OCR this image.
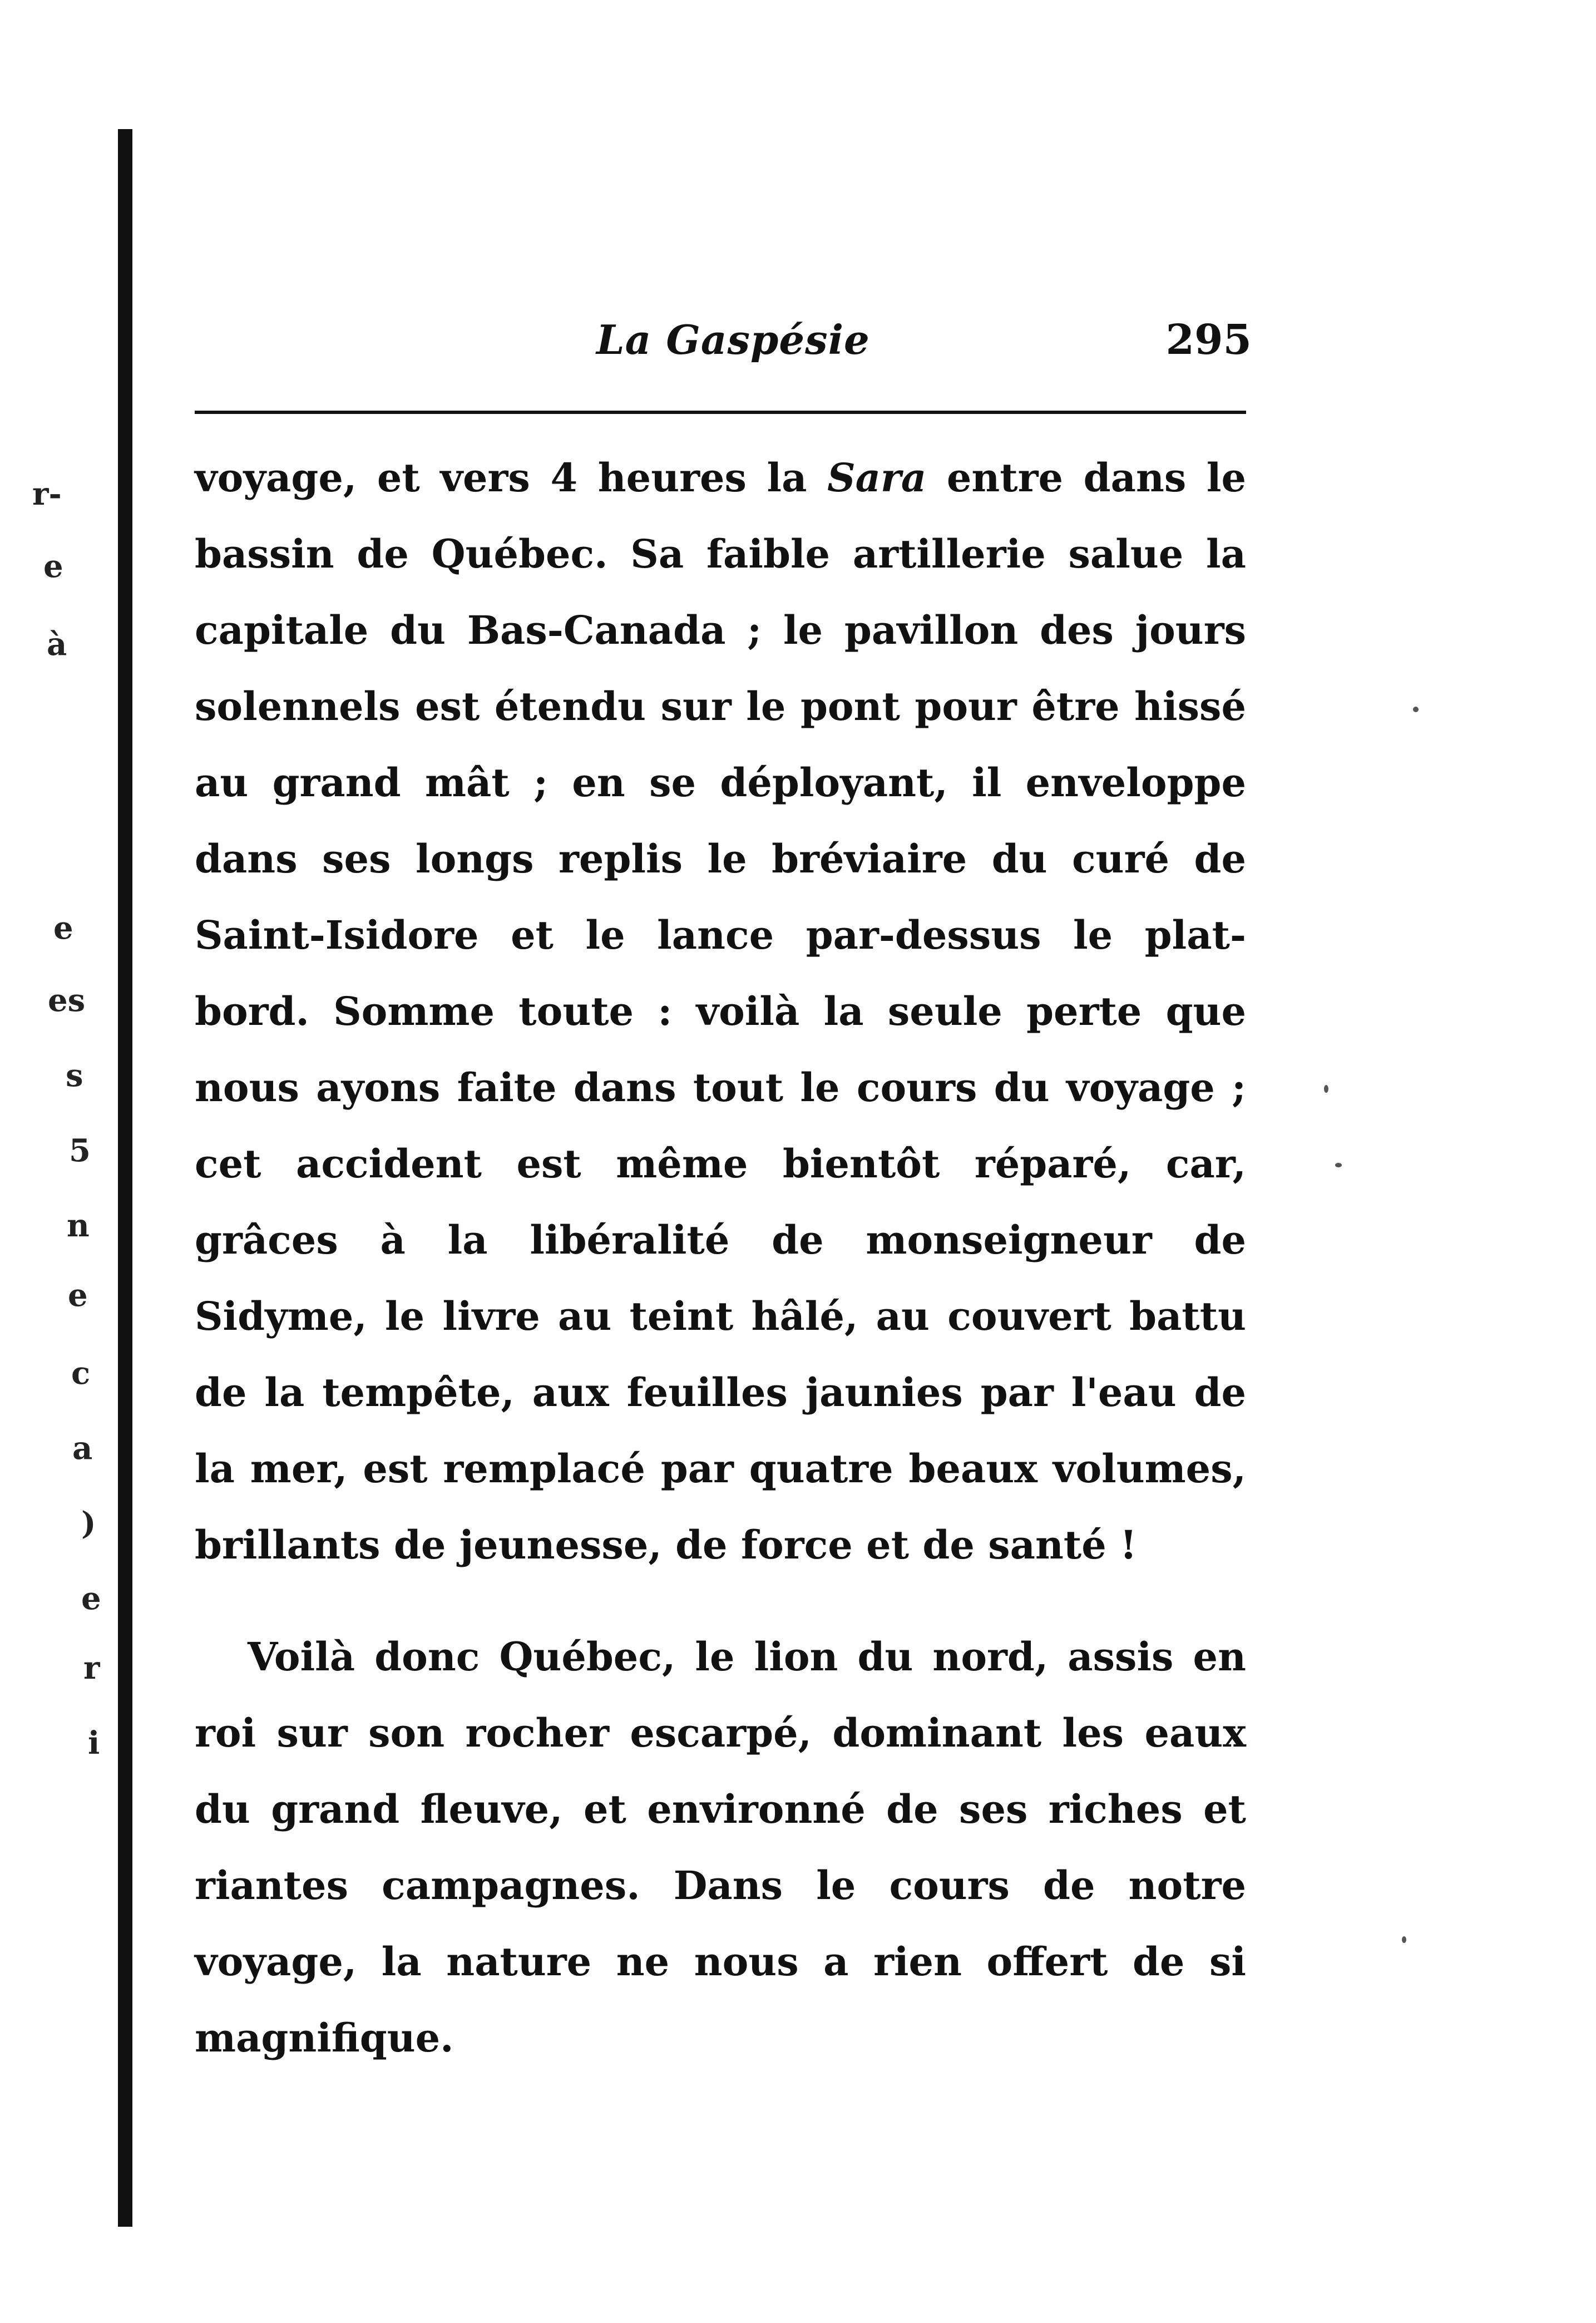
r-
e
à
e
es
s
5
n
e
c
a
)
e
r
i
La Gaspésie	295

voyage, et vers 4 heures la Sara entre dans le bassin de Québec. Sa faible artillerie salue la capitale du Bas-Canada ; le pavillon des jours solennels est étendu sur le pont pour être hissé au grand mât ; en se déployant, il enveloppe dans ses longs replis le bréviaire du curé de Saint-Isidore et le lance par-dessus le plat-bord. Somme toute : voilà la seule perte que nous ayons faite dans tout le cours du voyage ; cet accident est même bientôt réparé, car, grâces à la libéralité de monseigneur de Sidyme, le livre au teint hâlé, au couvert battu de la tempête, aux feuilles jaunies par l'eau de la mer, est remplacé par quatre beaux volumes, brillants de jeunesse, de force et de santé !

Voilà donc Québec, le lion du nord, assis en roi sur son rocher escarpé, dominant les eaux du grand fleuve, et environné de ses riches et riantes campagnes. Dans le cours de notre voyage, la nature ne nous a rien offert de si magnifique.
